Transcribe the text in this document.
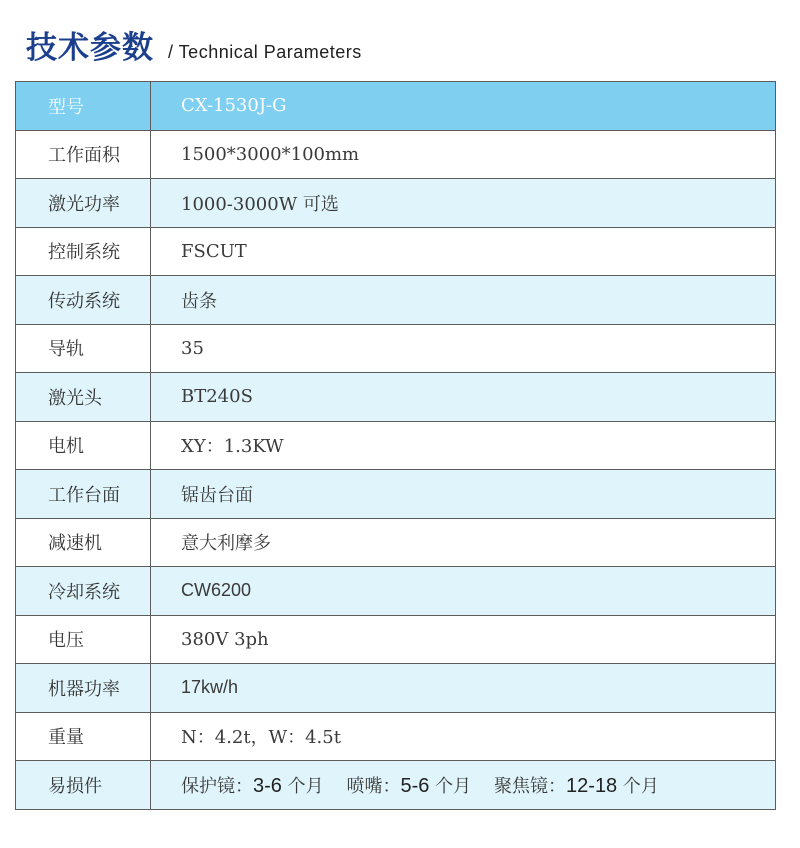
技术参数 / Technical Parameters
型号	CX-1530J-G
工作面积	1500*3000*100mm
激光功率	1000-3000W 可选
控制系统	FSCUT
传动系统	齿条
导轨	35
激光头	BT240S
电机	XY：1.3KW
工作台面	锯齿台面
减速机	意大利摩多
冷却系统	CW6200
电压	380V 3ph
机器功率	17kw/h
重量	N：4.2t，W：4.5t
易损件	保护镜：3-6 个月    喷嘴：5-6 个月    聚焦镜：12-18 个月
